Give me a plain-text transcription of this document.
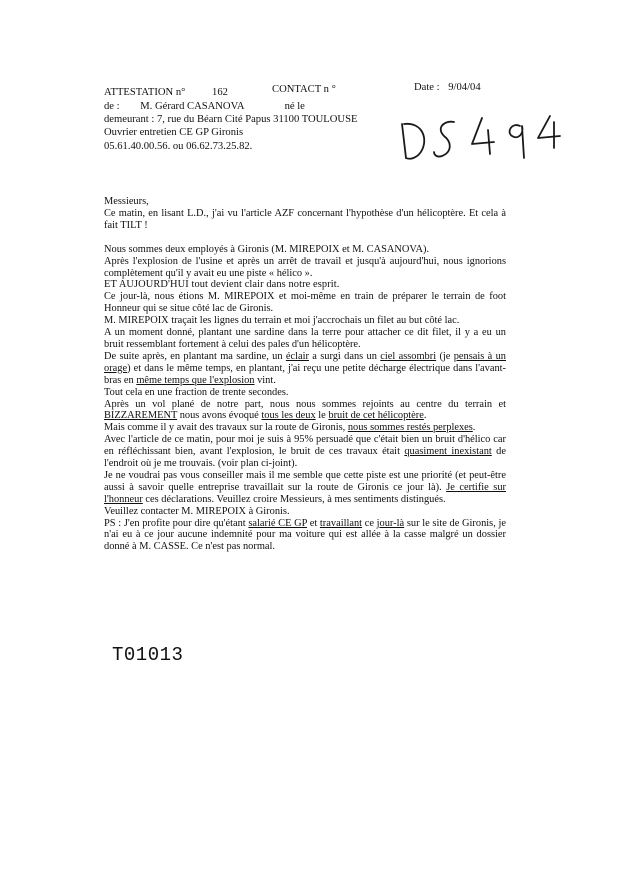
ATTESTATION n°	162	CONTACT n °	Date : 9/04/04
de : M. Gérard CASANOVA	né le
demeurant : 7, rue du Béarn Cité Papus 31100 TOULOUSE
Ouvrier entretien CE GP Gironis
05.61.40.00.56. ou 06.62.73.25.82.

Messieurs,

Ce matin, en lisant L.D., j'ai vu l'article AZF concernant l'hypothèse d'un hélicoptère. Et cela à fait TILT !

Nous sommes deux employés à Gironis (M. MIREPOIX et M. CASANOVA).

Après l'explosion de l'usine et après un arrêt de travail et jusqu'à aujourd'hui, nous ignorions complètement qu'il y avait eu une piste « hélico ».

ET AUJOURD'HUI tout devient clair dans notre esprit.

Ce jour-là, nous étions M. MIREPOIX et moi-même en train de préparer le terrain de foot Honneur qui se situe côté lac de Gironis.

M. MIREPOIX traçait les lignes du terrain et moi j'accrochais un filet au but côté lac.

A un moment donné, plantant une sardine dans la terre pour attacher ce dit filet, il y a eu un bruit ressemblant fortement à celui des pales d'un hélicoptère.

De suite après, en plantant ma sardine, un éclair a surgi dans un ciel assombri (je pensais à un orage) et dans le même temps, en plantant, j'ai reçu une petite décharge électrique dans l'avant-bras en même temps que l'explosion vint.

Tout cela en une fraction de trente secondes.

Après un vol plané de notre part, nous nous sommes rejoints au centre du terrain et BIZZAREMENT nous avons évoqué tous les deux le bruit de cet hélicoptère.

Mais comme il y avait des travaux sur la route de Gironis, nous sommes restés perplexes.

Avec l'article de ce matin, pour moi je suis à 95% persuadé que c'était bien un bruit d'hélico car en réfléchissant bien, avant l'explosion, le bruit de ces travaux était quasiment inexistant de l'endroit où je me trouvais. (voir plan ci-joint).

Je ne voudrai pas vous conseiller mais il me semble que cette piste est une priorité (et peut-être aussi à savoir quelle entreprise travaillait sur la route de Gironis ce jour là). Je certifie sur l'honneur ces déclarations. Veuillez croire Messieurs, à mes sentiments distingués.

Veuillez contacter M. MIREPOIX à Gironis.

PS : J'en profite pour dire qu'étant salarié CE GP et travaillant ce jour-là sur le site de Gironis, je n'ai eu à ce jour aucune indemnité pour ma voiture qui est allée à la casse malgré un dossier donné à M. CASSE. Ce n'est pas normal.

T01013
